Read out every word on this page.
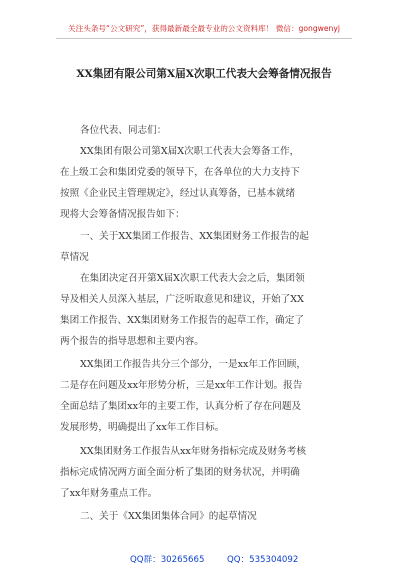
关注头条号“公文研究”，获得最新最全最专业的公文资料库！ 微信：gongwenyj
XX集团有限公司第X届X次职工代表大会筹备情况报告
各位代表、同志们：
XX集团有限公司第X届X次职工代表大会筹备工作，
在上级工会和集团党委的领导下，在各单位的大力支持下
按照《企业民主管理规定》，经过认真筹备，已基本就绪
现将大会筹备情况报告如下：
一、关于XX集团工作报告、XX集团财务工作报告的起
草情况
在集团决定召开第X届X次职工代表大会之后，集团领
导及相关人员深入基层，广泛听取意见和建议，开始了XX
集团工作报告、XX集团财务工作报告的起草工作，确定了
两个报告的指导思想和主要内容。
XX集团工作报告共分三个部分，一是xx年工作回顾，
二是存在问题及xx年形势分析，三是xx年工作计划。报告
全面总结了集团xx年的主要工作，认真分析了存在问题及
发展形势，明确提出了xx年工作目标。
XX集团财务工作报告从xx年财务指标完成及财务考核
指标完成情况两方面全面分析了集团的财务状况，并明确
了xx年财务重点工作。
二、关于《XX集团集体合同》的起草情况
QQ群：30265665	QQ：535304092
